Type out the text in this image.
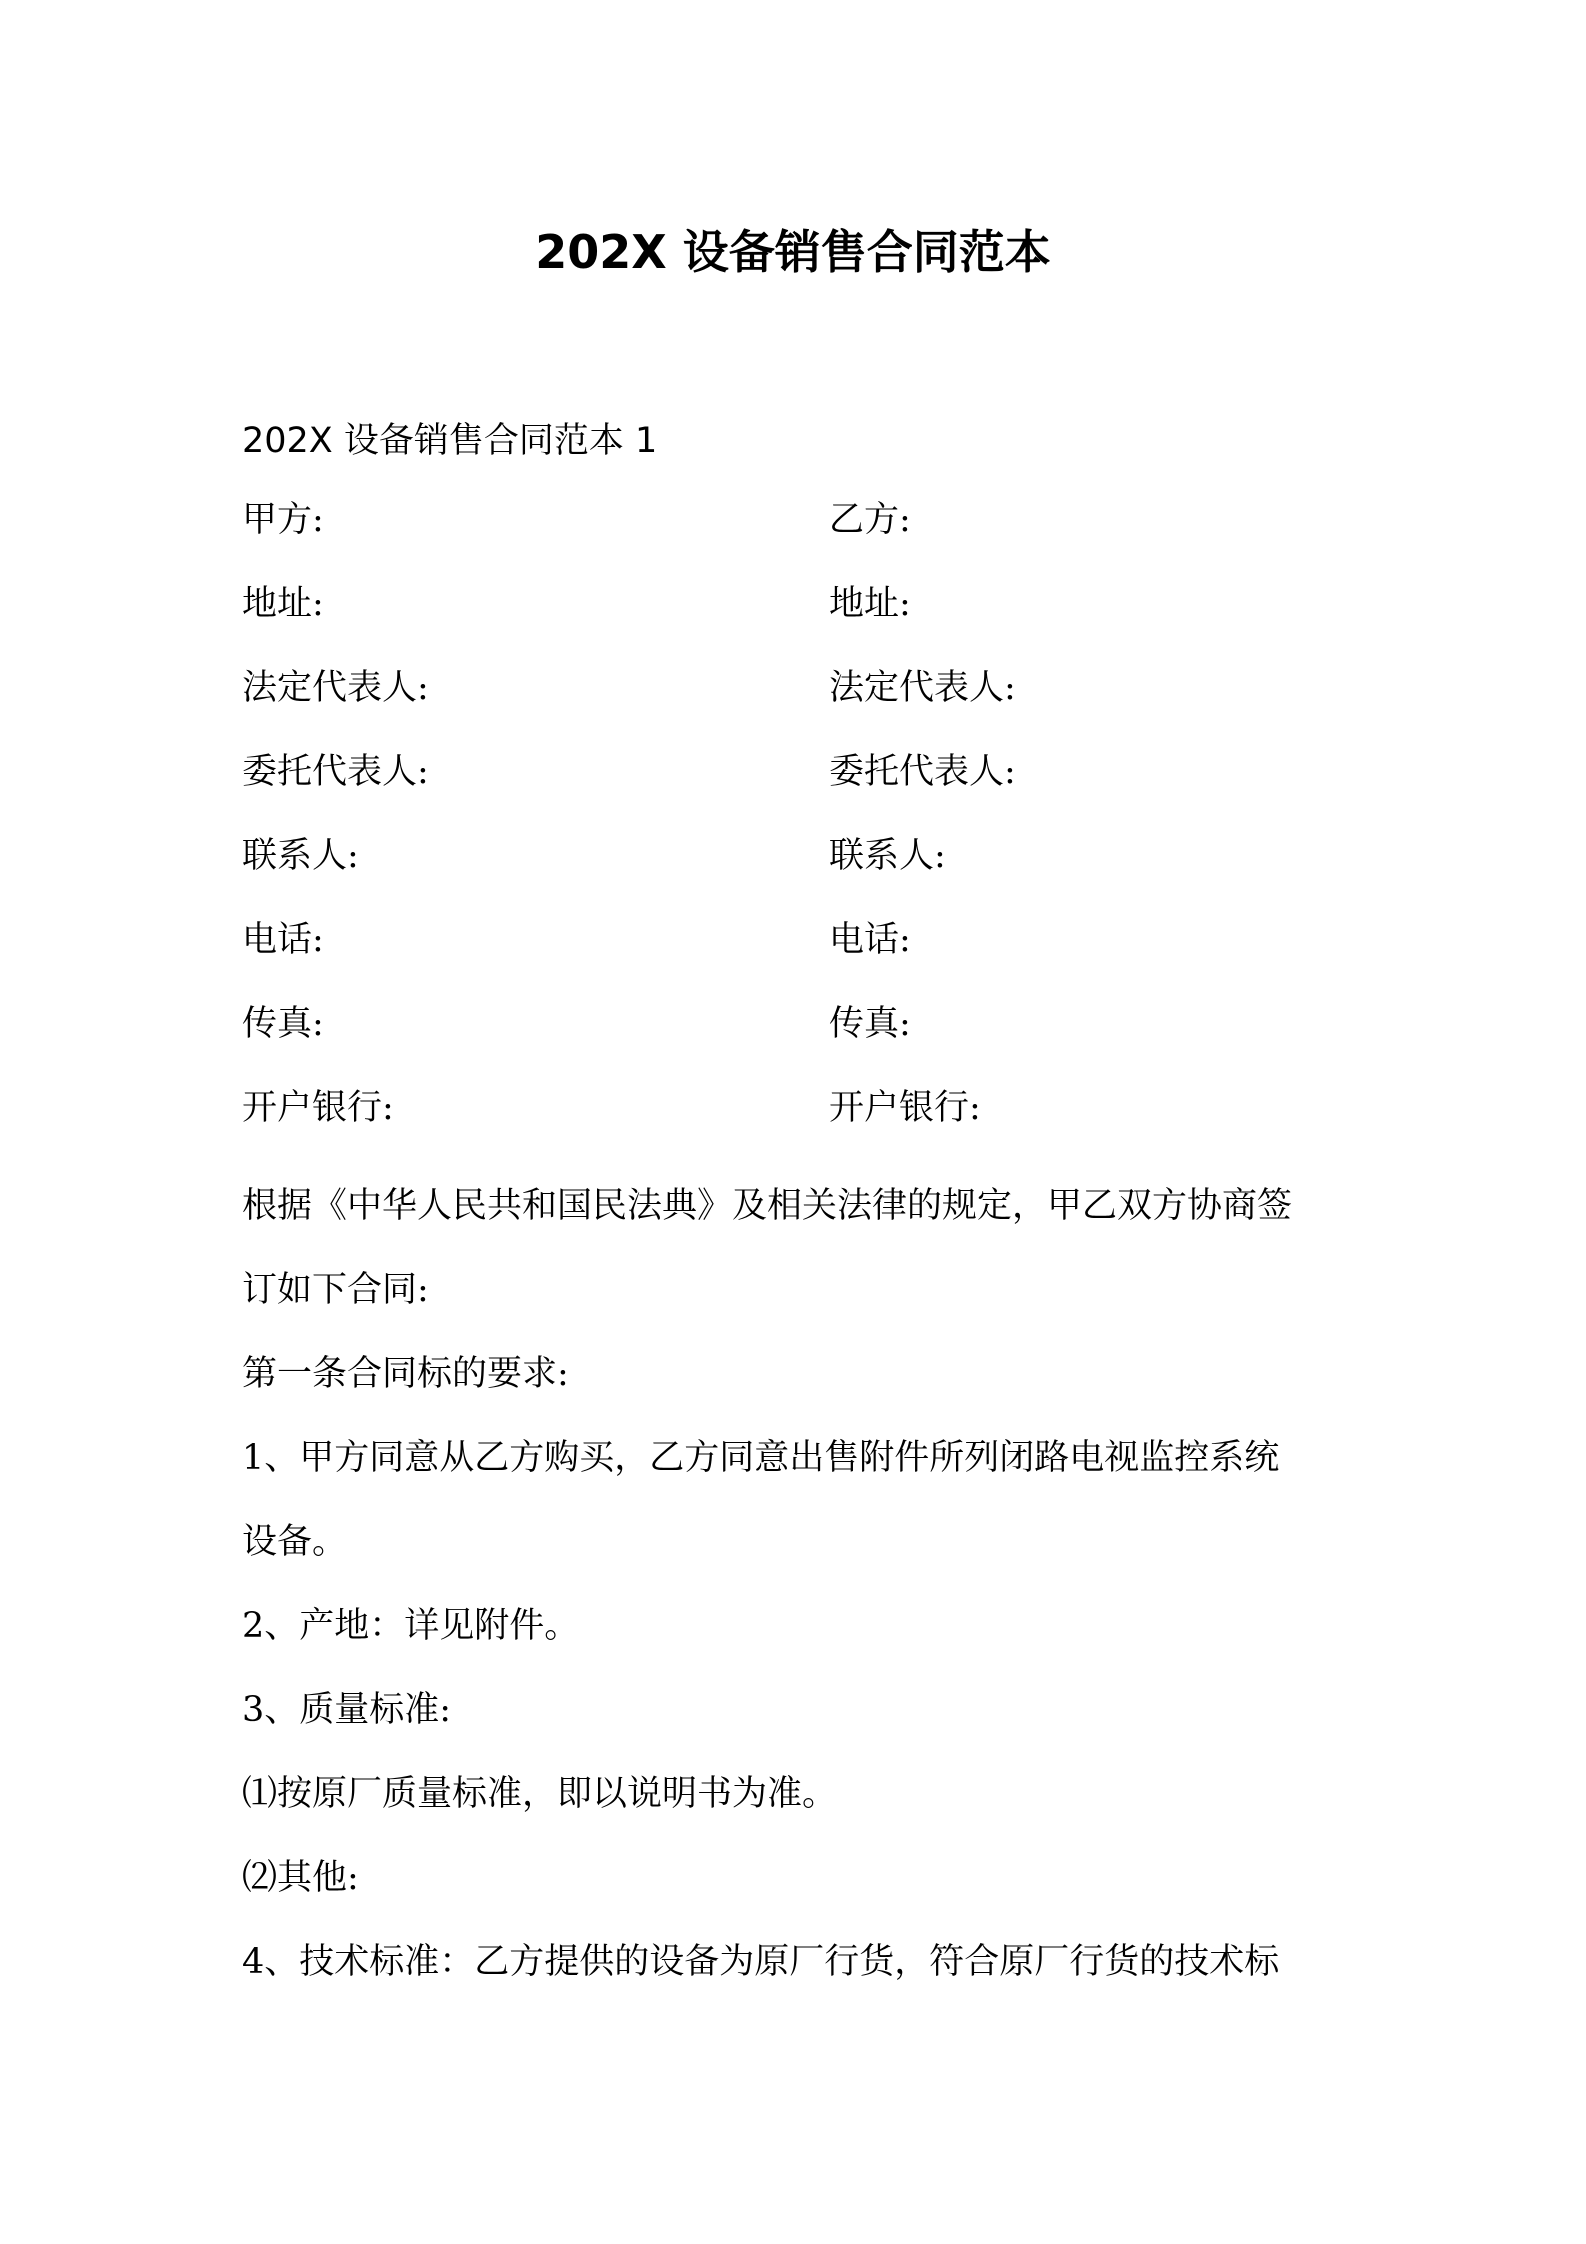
202X 设备销售合同范本
202X 设备销售合同范本 1
甲方:	乙方:
地址:	地址:
法定代表人:	法定代表人:
委托代表人:	委托代表人:
联系人:	联系人:
电话:	电话:
传真:	传真:
开户银行:	开户银行:

根据《中华人民共和国民法典》及相关法律的规定，甲乙双方协商签

订如下合同:

第一条合同标的要求:

1、甲方同意从乙方购买，乙方同意出售附件所列闭路电视监控系统

设备。

2、产地：详见附件。

3、质量标准:

⑴按原厂质量标准，即以说明书为准。

⑵其他:

4、技术标准：乙方提供的设备为原厂行货，符合原厂行货的技术标
